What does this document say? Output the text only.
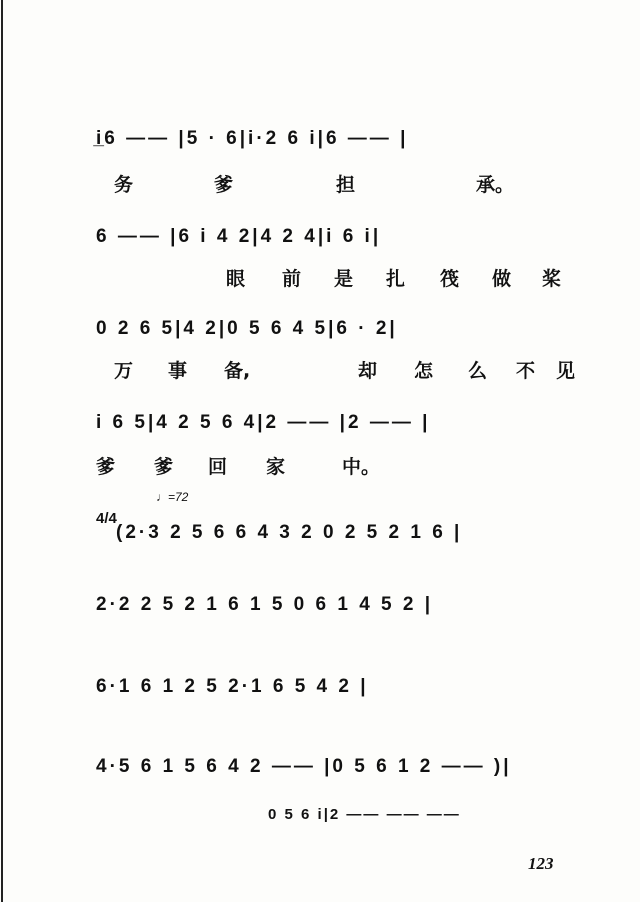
i̲6 —— |5 · 6|i·2 6 i|6 —— |
务	爹	担	承。
6 —— |6 i 4 2|4 2 4|i 6 i|
眼 前 是 扎 筏 做 桨
0 2 6 5|4 2|0 5 6 4 5|6 · 2|
万 事 备,	却 怎 么 不 见
i 6 5|4 2 5 6 4|2 —— |2 —— |
爹 爹 回 家	中。
♩=72
4/4
(2·3 2 5 6 6 4 3 2 0 2 5 2 1 6 |
2·2 2 5 2 1 6 1 5 0 6 1 4 5 2 |
6·1 6 1 2 5 2·1 6 5 4 2 |
4·5 6 1 5 6 4 2 —— |0 5 6 1 2 —— )|
0 5 6 i|2 —— —— ——
123
